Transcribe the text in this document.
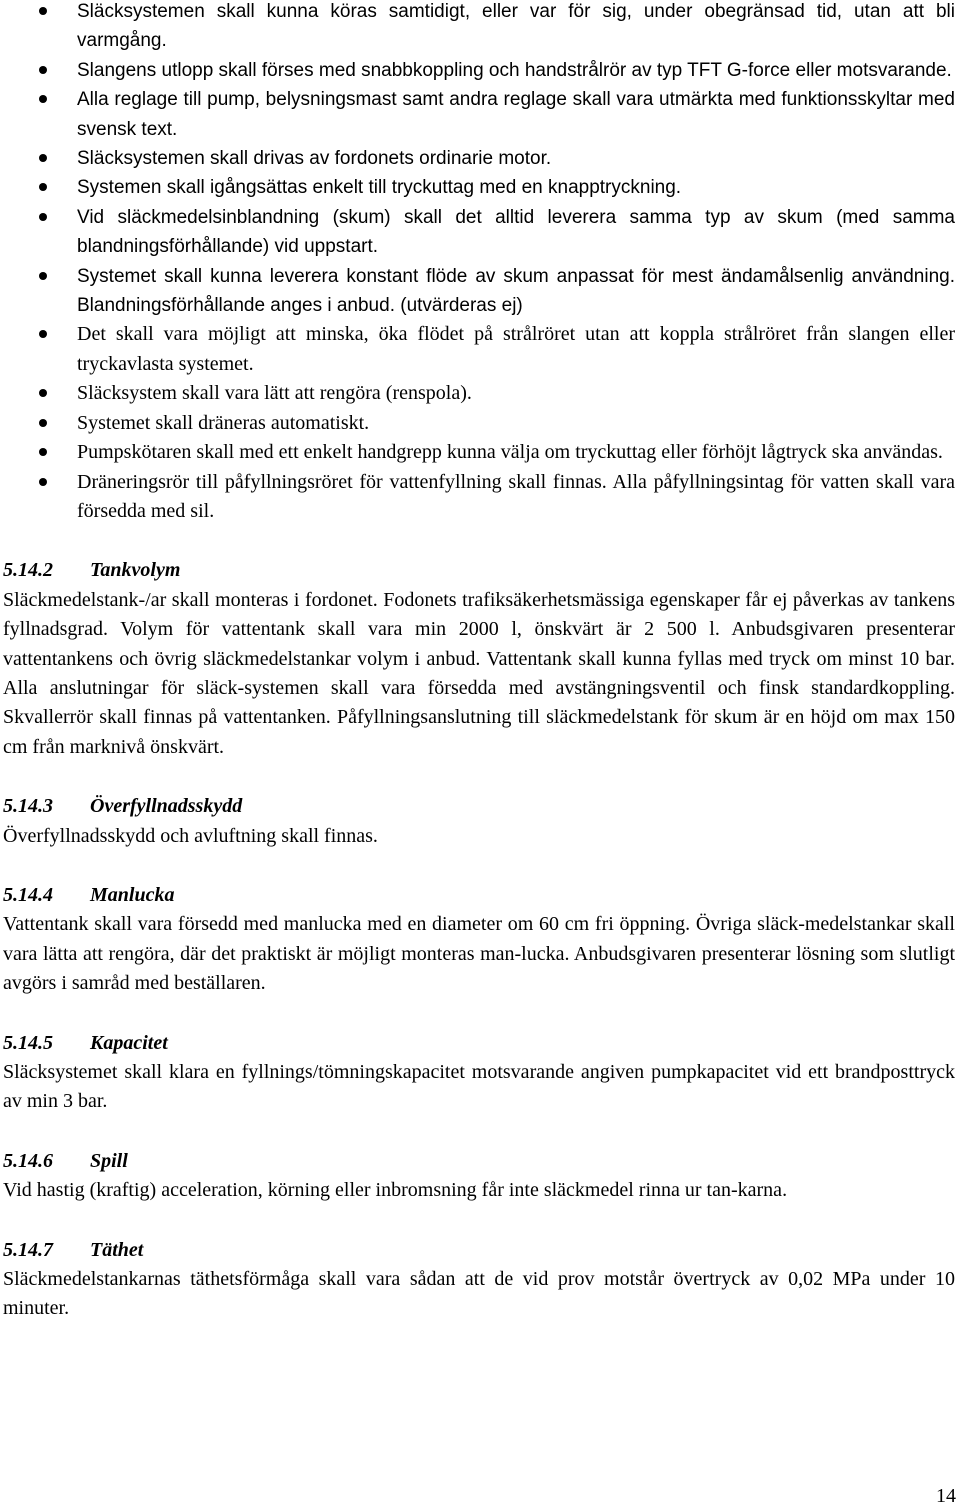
Släcksystemen skall kunna köras samtidigt, eller var för sig, under obegränsad tid, utan att bli varmgång.
Slangens utlopp skall förses med snabbkoppling och handstrålrör av typ TFT G-force eller motsvarande.
Alla reglage till pump, belysningsmast samt andra reglage skall vara utmärkta med funktionsskyltar med svensk text.
Släcksystemen skall drivas av fordonets ordinarie motor.
Systemen skall igångsättas enkelt till tryckuttag med en knapptryckning.
Vid släckmedelsinblandning (skum) skall det alltid leverera samma typ av skum (med samma blandningsförhållande) vid uppstart.
Systemet skall kunna leverera konstant flöde av skum anpassat för mest ändamålsenlig användning. Blandningsförhållande anges i anbud. (utvärderas ej)
Det skall vara möjligt att minska, öka flödet på strålröret utan att koppla strålröret från slangen eller tryckavlasta systemet.
Släcksystem skall vara lätt att rengöra (renspola).
Systemet skall dräneras automatiskt.
Pumpskötaren skall med ett enkelt handgrepp kunna välja om tryckuttag eller förhöjt lågtryck ska användas.
Dräneringsrör till påfyllningsröret för vattenfyllning skall finnas. Alla påfyllningsintag för vatten skall vara försedda med sil.
5.14.2 Tankvolym

Släckmedelstank-/ar skall monteras i fordonet. Fodonets trafiksäkerhetsmässiga egenskaper får ej påverkas av tankens fyllnadsgrad. Volym för vattentank skall vara min 2000 l, önskvärt är 2 500 l. Anbudsgivaren presenterar vattentankens och övrig släckmedelstankar volym i anbud. Vattentank skall kunna fyllas med tryck om minst 10 bar. Alla anslutningar för släck-systemen skall vara försedda med avstängningsventil och finsk standardkoppling. Skvallerrör skall finnas på vattentanken. Påfyllningsanslutning till släckmedelstank för skum är en höjd om max 150 cm från marknivå önskvärt.

5.14.3 Överfyllnadsskydd

Överfyllnadsskydd och avluftning skall finnas.

5.14.4 Manlucka

Vattentank skall vara försedd med manlucka med en diameter om 60 cm fri öppning. Övriga släck-medelstankar skall vara lätta att rengöra, där det praktiskt är möjligt monteras man-lucka. Anbudsgivaren presenterar lösning som slutligt avgörs i samråd med beställaren.

5.14.5 Kapacitet

Släcksystemet skall klara en fyllnings/tömningskapacitet motsvarande angiven pumpkapacitet vid ett brandposttryck av min 3 bar.

5.14.6 Spill

Vid hastig (kraftig) acceleration, körning eller inbromsning får inte släckmedel rinna ur tan-karna.

5.14.7 Täthet

Släckmedelstankarnas täthetsförmåga skall vara sådan att de vid prov motstår övertryck av 0,02 MPa under 10 minuter.

14
